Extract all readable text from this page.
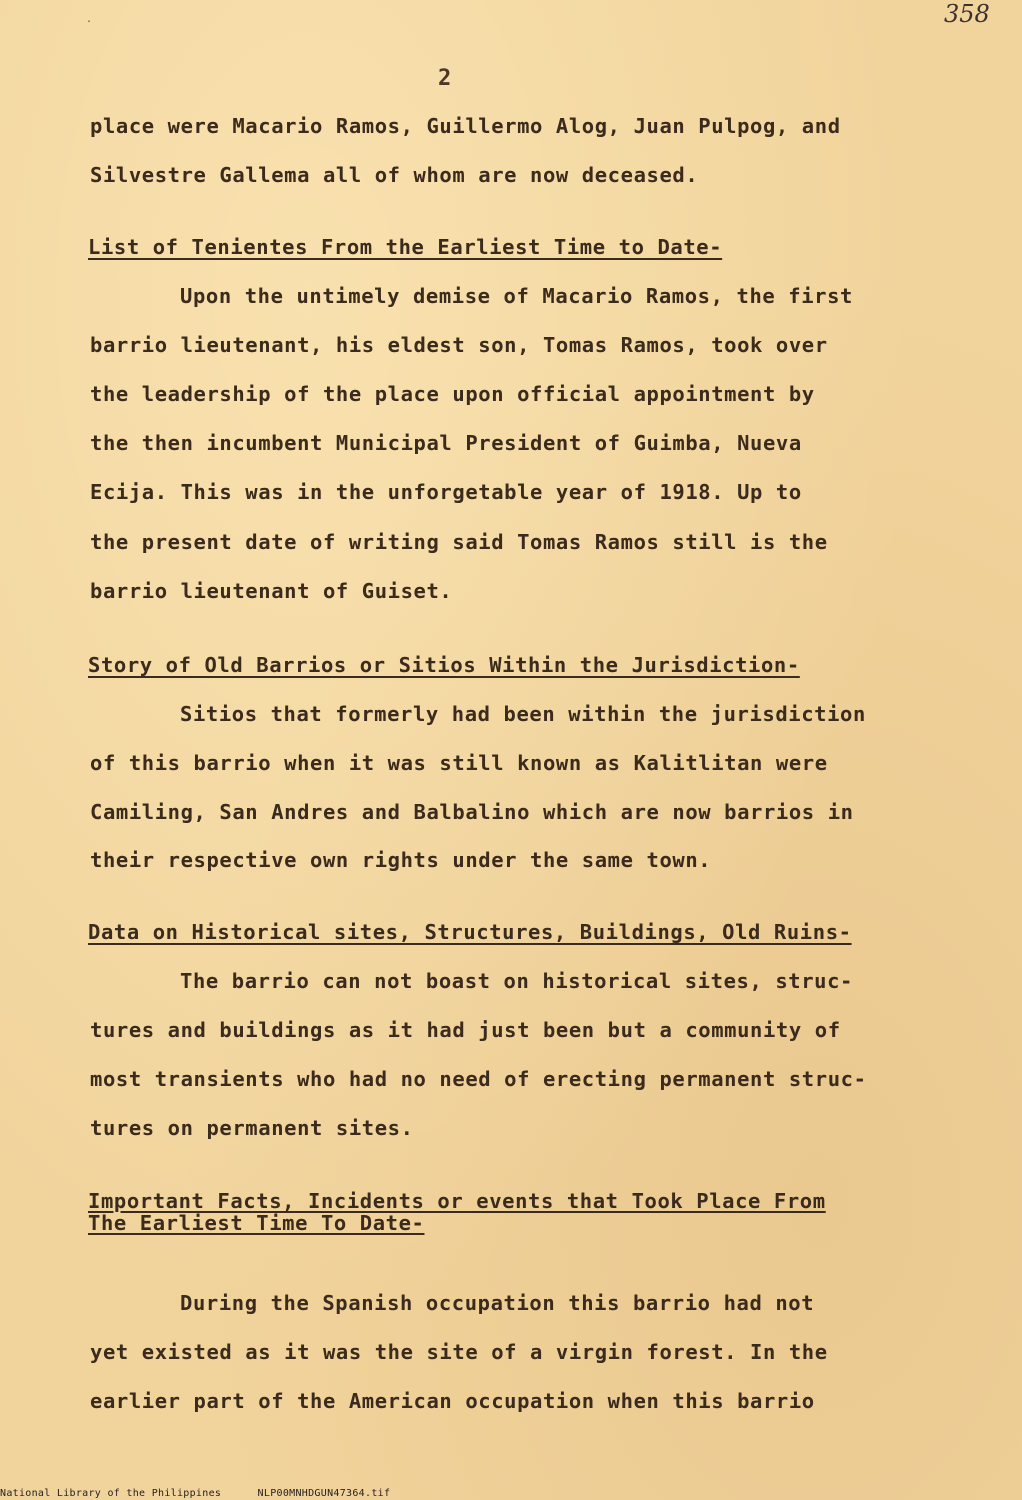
.	358
2
place were Macario Ramos, Guillermo Alog, Juan Pulpog, and
Silvestre Gallema all of whom are now deceased.
List of Tenientes From the Earliest Time to Date-
Upon the untimely demise of Macario Ramos, the first
barrio lieutenant, his eldest son, Tomas Ramos, took over
the leadership of the place upon official appointment by
the then incumbent Municipal President of Guimba, Nueva
Ecija. This was in the unforgetable year of 1918. Up to
the present date of writing said Tomas Ramos still is the
barrio lieutenant of Guiset.
Story of Old Barrios or Sitios Within the Jurisdiction-
Sitios that formerly had been within the jurisdiction
of this barrio when it was still known as Kalitlitan were
Camiling, San Andres and Balbalino which are now barrios in
their respective own rights under the same town.
Data on Historical sites, Structures, Buildings, Old Ruins-
The barrio can not boast on historical sites, struc-
tures and buildings as it had just been but a community of
most transients who had no need of erecting permanent struc-
tures on permanent sites.
Important Facts, Incidents or events that Took Place From
The Earliest Time To Date-
During the Spanish occupation this barrio had not
yet existed as it was the site of a virgin forest. In the
earlier part of the American occupation when this barrio
National Library of the Philippines	NLP00MNHDGUN47364.tif
